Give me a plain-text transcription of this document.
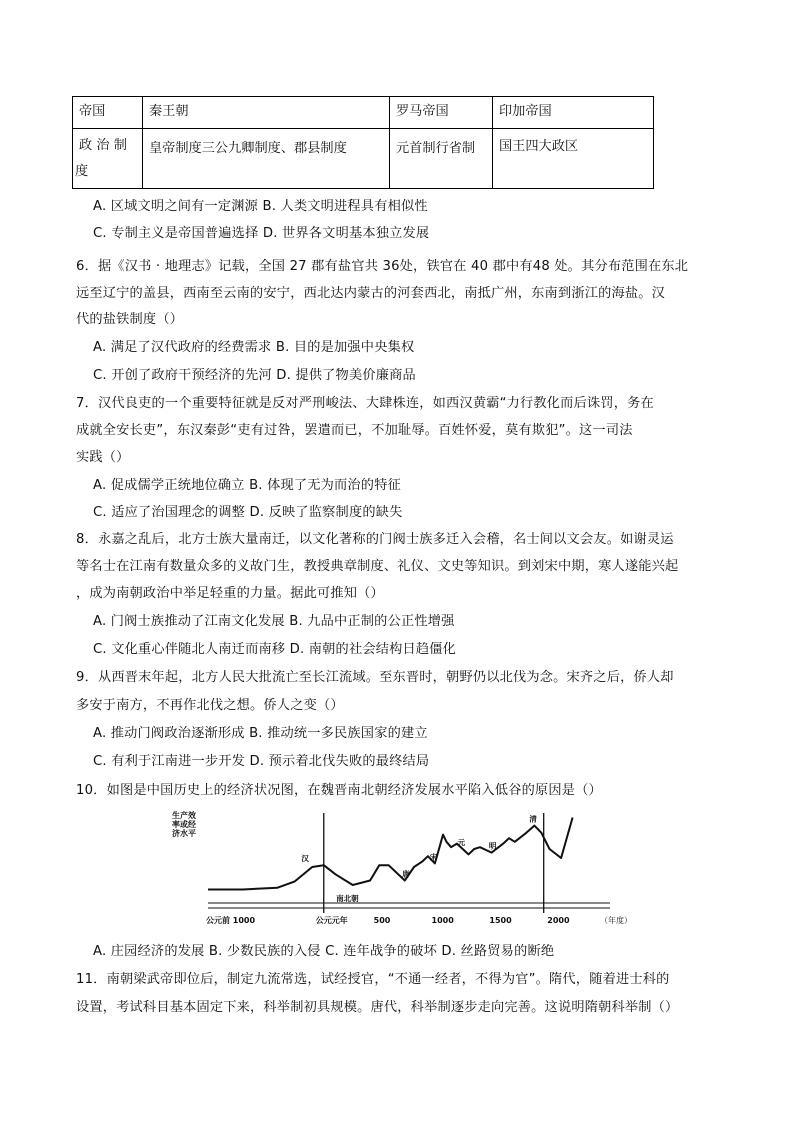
帝国	秦王朝	罗马帝国	印加帝国

政 治 制
度	皇帝制度三公九卿制度、郡县制度	元首制行省制	国王四大政区
A. 区域文明之间有一定渊源 B. 人类文明进程具有相似性
C. 专制主义是帝国普遍选择 D. 世界各文明基本独立发展
6．据《汉书 · 地理志》记载，全国 27 郡有盐官共 36处，铁官在 40 郡中有48 处。其分布范围在东北
远至辽宁的盖县，西南至云南的安宁，西北达内蒙古的河套西北，南抵广州，东南到浙江的海盐。汉
代的盐铁制度（）
A. 满足了汉代政府的经费需求 B. 目的是加强中央集权
C. 开创了政府干预经济的先河 D. 提供了物美价廉商品
7．汉代良吏的一个重要特征就是反对严刑峻法、大肆株连，如西汉黄霸“力行教化而后诛罚，务在
成就全安长吏”，东汉秦彭“吏有过咎，罢遣而已，不加耻辱。百姓怀爱，莫有欺犯”。这一司法
实践（）
A. 促成儒学正统地位确立 B. 体现了无为而治的特征
C. 适应了治国理念的调整 D. 反映了监察制度的缺失
8．永嘉之乱后，北方士族大量南迁，以文化著称的门阀士族多迁入会稽，名士间以文会友。如谢灵运
等名士在江南有数量众多的义故门生，教授典章制度、礼仪、文史等知识。到刘宋中期，寒人遂能兴起
，成为南朝政治中举足轻重的力量。据此可推知（）
A. 门阀士族推动了江南文化发展 B. 九品中正制的公正性增强
C. 文化重心伴随北人南迁而南移 D. 南朝的社会结构日趋僵化
9．从西晋末年起，北方人民大批流亡至长江流域。至东晋时，朝野仍以北伐为念。宋齐之后，侨人却
多安于南方，不再作北伐之想。侨人之变（）
A. 推动门阀政治逐渐形成 B. 推动统一多民族国家的建立
C. 有利于江南进一步开发 D. 预示着北伐失败的最终结局
10．如图是中国历史上的经济状况图，在魏晋南北朝经济发展水平陷入低谷的原因是（）
生产效
率或经
济水平
公元前 1000	公元元年	500	1000	1500	2000	（年度）
汉
南北朝
唐
宋
元	明
清
A. 庄园经济的发展 B. 少数民族的入侵 C. 连年战争的破坏 D. 丝路贸易的断绝
11．南朝梁武帝即位后，制定九流常选，试经授官，“不通一经者，不得为官”。隋代，随着进士科的
设置，考试科目基本固定下来，科举制初具规模。唐代，科举制逐步走向完善。这说明隋朝科举制（）
